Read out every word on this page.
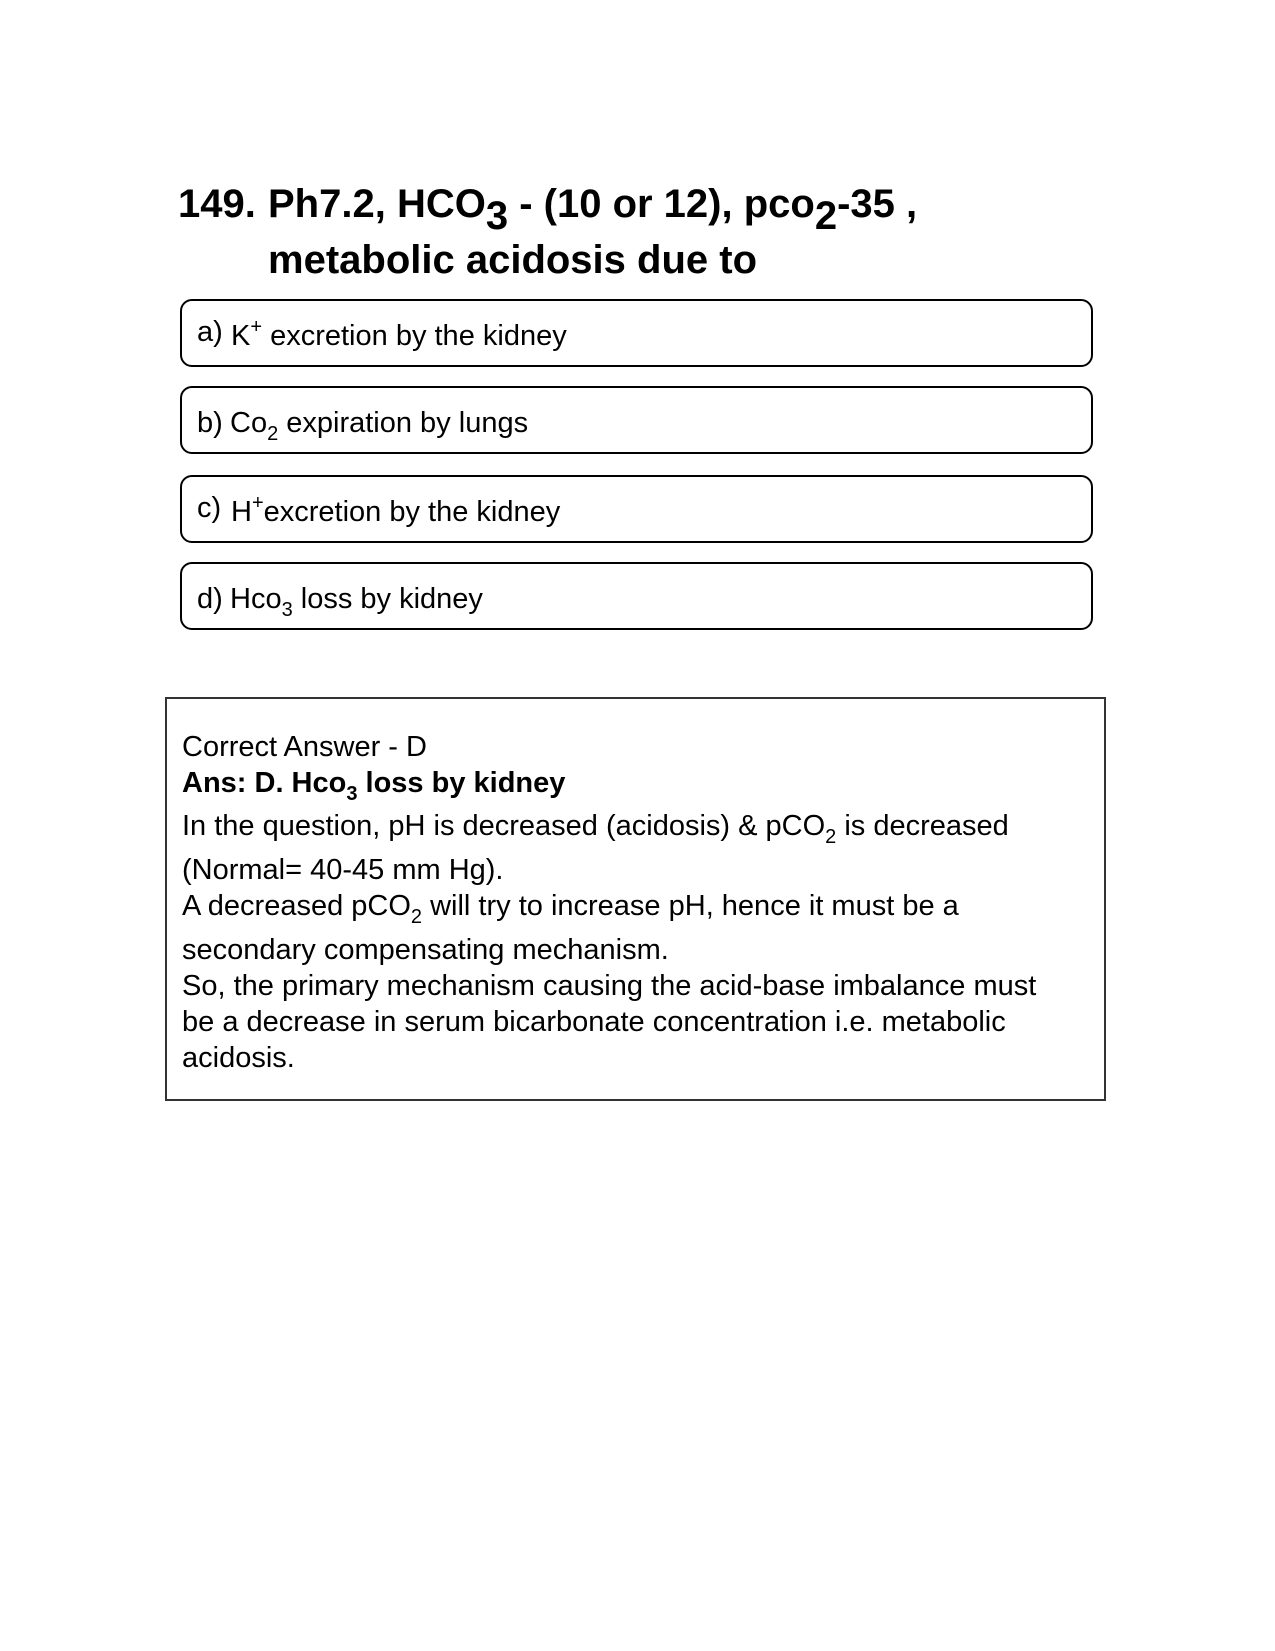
149. Ph7.2, HCO3 - (10 or 12), pco2-35 ,
metabolic acidosis due to
a) K+ excretion by the kidney
b) $Co_2$ expiration by lungs
c) H+excretion by the kidney
d) Hco$_3$ loss by kidney
Correct Answer - D
Ans: D. Hco$_3$ loss by kidney
In the question, pH is decreased (acidosis) & pCO$_2$ is decreased
(Normal= 40-45 mm Hg).
A decreased pCO$_2$ will try to increase pH, hence it must be a
secondary compensating mechanism.
So, the primary mechanism causing the acid-base imbalance must
be a decrease in serum bicarbonate concentration i.e. metabolic
acidosis.
